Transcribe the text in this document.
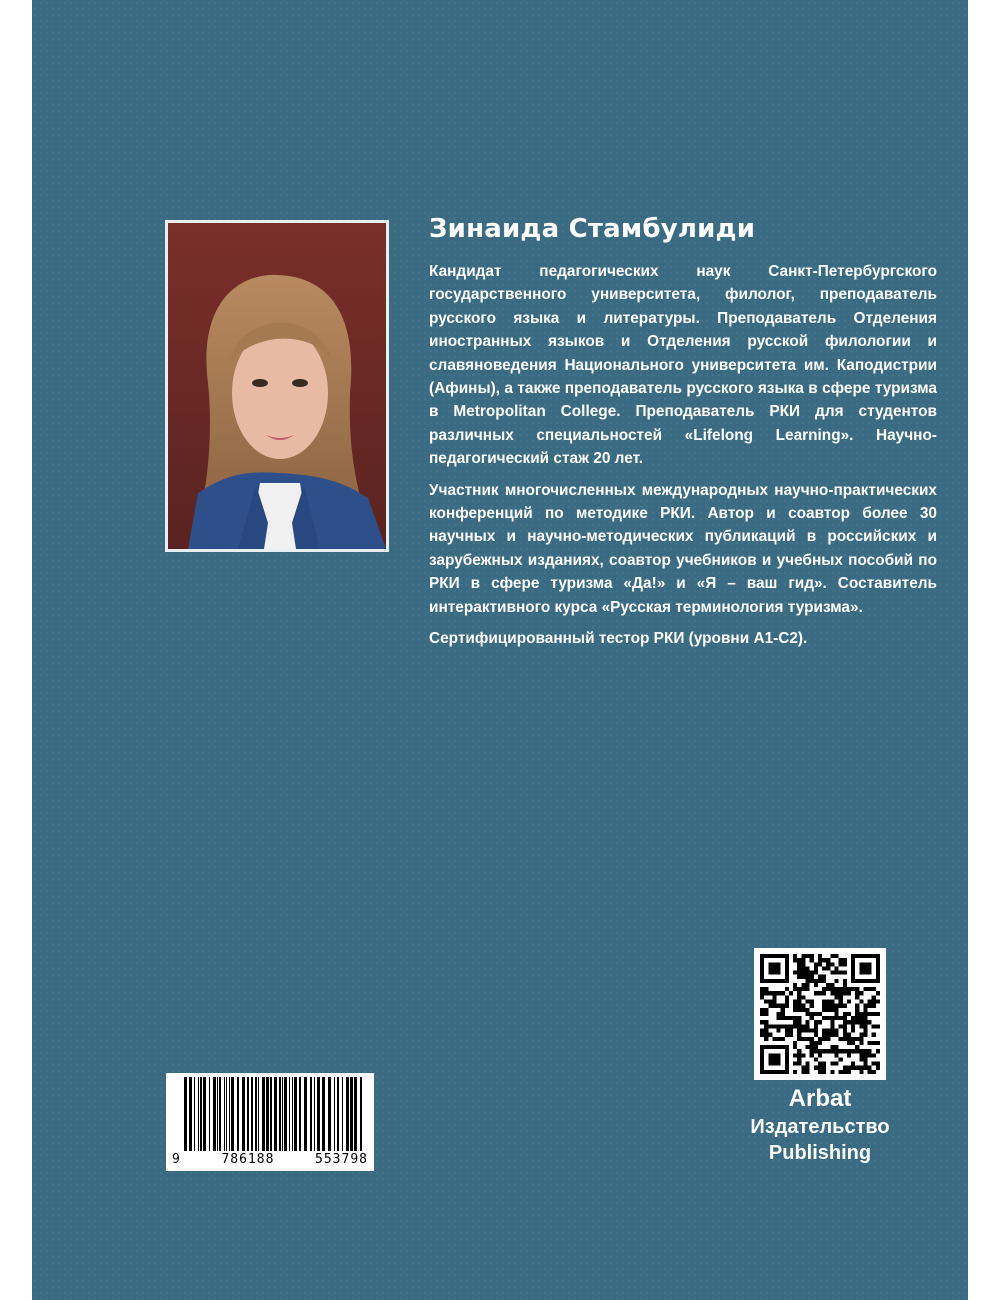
Зинаида Стамбулиди

Кандидат педагогических наук Санкт-Петербургского государственного университета, филолог, преподаватель русского языка и литературы. Преподаватель Отделения иностранных языков и Отделения русской филологии и славяноведения Национального университета им. Каподистрии (Афины), а также преподаватель русского языка в сфере туризма в Metropolitan College. Преподаватель РКИ для студентов различных специальностей «Lifelong Learning». Научно-педагогический стаж 20 лет.

Участник многочисленных международных научно-практических конференций по методике РКИ. Автор и соавтор более 30 научных и научно-методических публикаций в российских и зарубежных изданиях, соавтор учебников и учебных пособий по РКИ в сфере туризма «Да!» и «Я – ваш гид». Составитель интерактивного курса «Русская терминология туризма».

Сертифицированный тестор РКИ (уровни А1-С2).

Arbat
Издательство
Publishing
9	786188	553798
